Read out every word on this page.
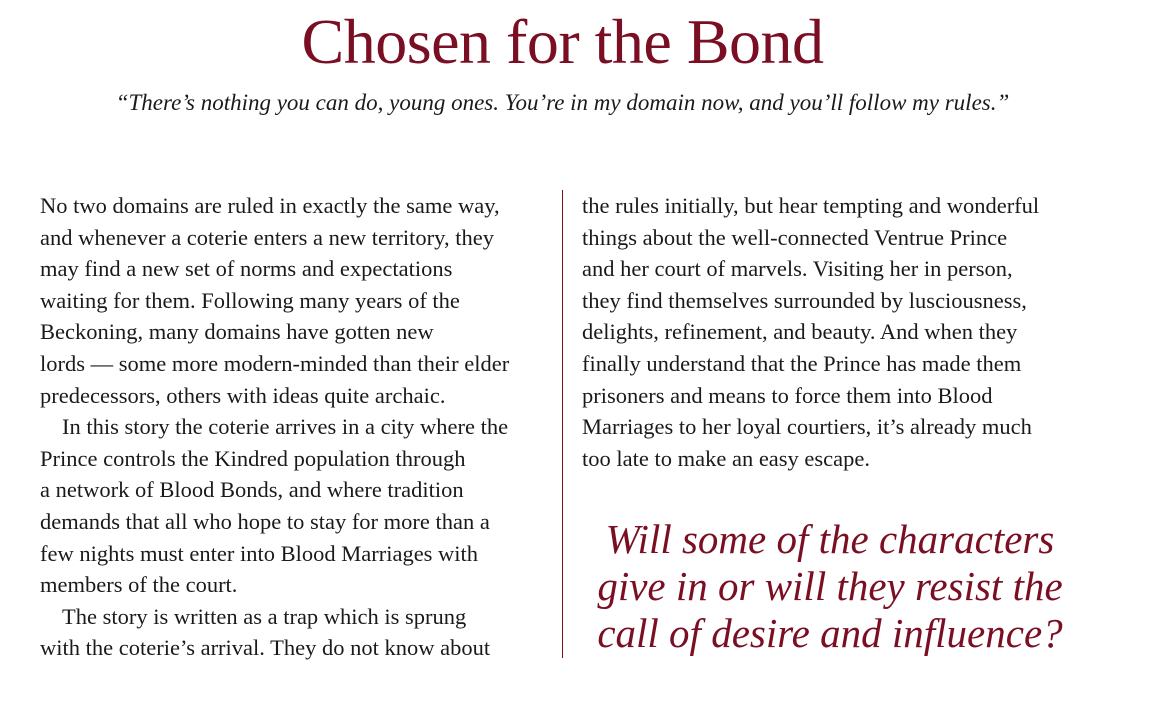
Chosen for the Bond

“There’s nothing you can do, young ones. You’re in my domain now, and you’ll follow my rules.”

No two domains are ruled in exactly the same way,
and whenever a coterie enters a new territory, they
may find a new set of norms and expectations
waiting for them. Following many years of the
Beckoning, many domains have gotten new
lords — some more modern-minded than their elder
predecessors, others with ideas quite archaic.

In this story the coterie arrives in a city where the
Prince controls the Kindred population through
a network of Blood Bonds, and where tradition
demands that all who hope to stay for more than a
few nights must enter into Blood Marriages with
members of the court.

The story is written as a trap which is sprung
with the coterie’s arrival. They do not know about

the rules initially, but hear tempting and wonderful
things about the well-connected Ventrue Prince
and her court of marvels. Visiting her in person,
they find themselves surrounded by lusciousness,
delights, refinement, and beauty. And when they
finally understand that the Prince has made them
prisoners and means to force them into Blood
Marriages to her loyal courtiers, it’s already much
too late to make an easy escape.

Will some of the characters
give in or will they resist the
call of desire and influence?
